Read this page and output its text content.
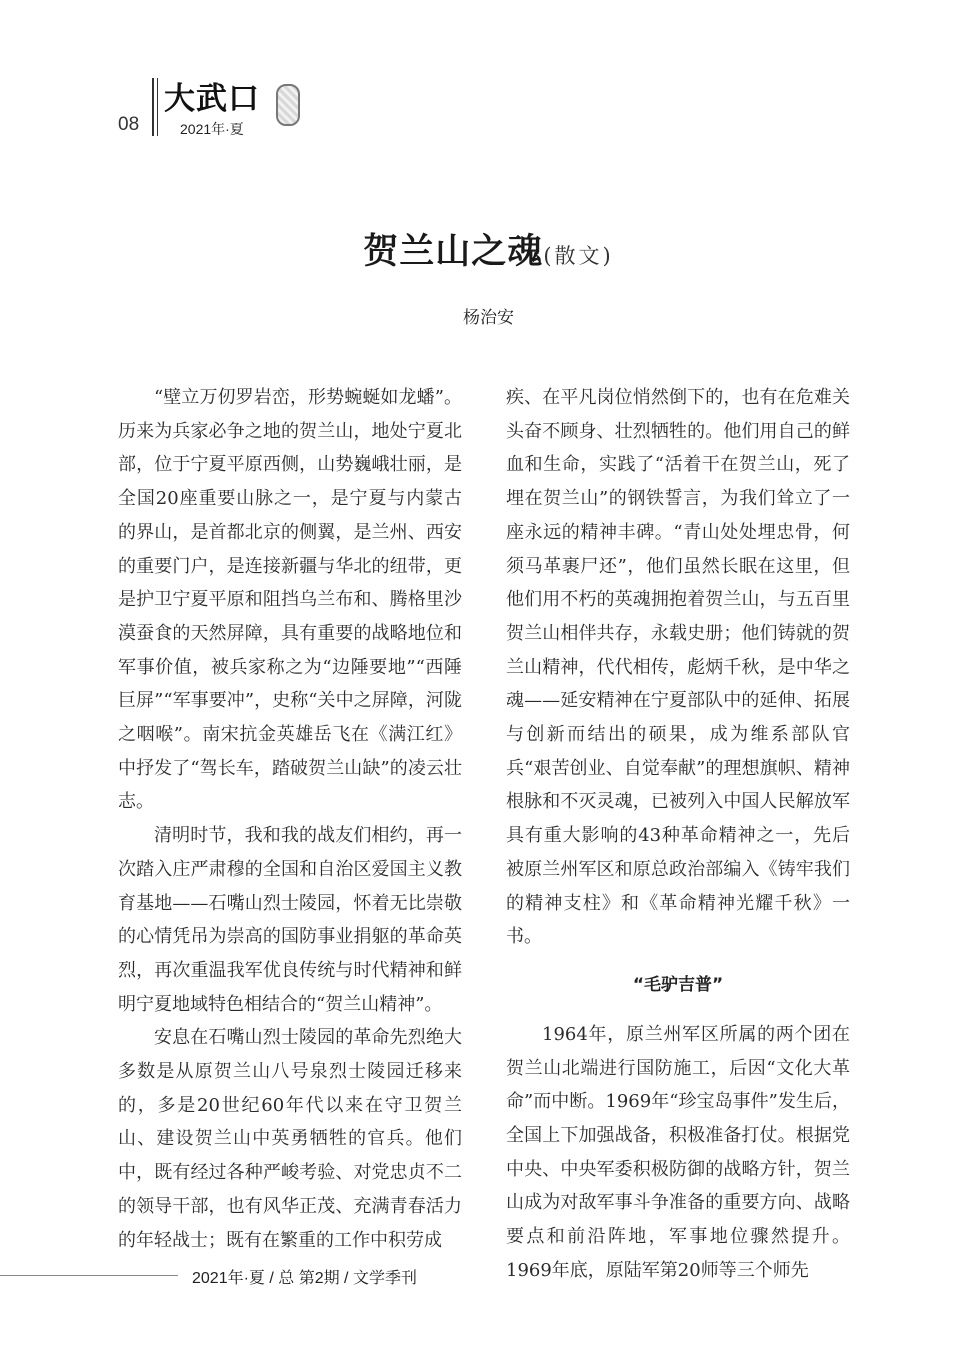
08
大武口
2021年·夏
贺兰山之魂(散文)
杨治安

“壁立万仞罗岩峦，形势蜿蜒如龙蟠”。历来为兵家必争之地的贺兰山，地处宁夏北部，位于宁夏平原西侧，山势巍峨壮丽，是全国20座重要山脉之一，是宁夏与内蒙古的界山，是首都北京的侧翼，是兰州、西安的重要门户，是连接新疆与华北的纽带，更是护卫宁夏平原和阻挡乌兰布和、腾格里沙漠蚕食的天然屏障，具有重要的战略地位和军事价值，被兵家称之为“边陲要地”“西陲巨屏”“军事要冲”，史称“关中之屏障，河陇之咽喉”。南宋抗金英雄岳飞在《满江红》中抒发了“驾长车，踏破贺兰山缺”的凌云壮志。

清明时节，我和我的战友们相约，再一次踏入庄严肃穆的全国和自治区爱国主义教育基地——石嘴山烈士陵园，怀着无比崇敬的心情凭吊为崇高的国防事业捐躯的革命英烈，再次重温我军优良传统与时代精神和鲜明宁夏地域特色相结合的“贺兰山精神”。

安息在石嘴山烈士陵园的革命先烈绝大多数是从原贺兰山八号泉烈士陵园迁移来的，多是20世纪60年代以来在守卫贺兰山、建设贺兰山中英勇牺牲的官兵。他们中，既有经过各种严峻考验、对党忠贞不二的领导干部，也有风华正茂、充满青春活力的年轻战士；既有在繁重的工作中积劳成

疾、在平凡岗位悄然倒下的，也有在危难关头奋不顾身、壮烈牺牲的。他们用自己的鲜血和生命，实践了“活着干在贺兰山，死了埋在贺兰山”的钢铁誓言，为我们耸立了一座永远的精神丰碑。“青山处处埋忠骨，何须马革裹尸还”，他们虽然长眠在这里，但他们用不朽的英魂拥抱着贺兰山，与五百里贺兰山相伴共存，永载史册；他们铸就的贺兰山精神，代代相传，彪炳千秋，是中华之魂——延安精神在宁夏部队中的延伸、拓展与创新而结出的硕果，成为维系部队官兵“艰苦创业、自觉奉献”的理想旗帜、精神根脉和不灭灵魂，已被列入中国人民解放军具有重大影响的43种革命精神之一，先后被原兰州军区和原总政治部编入《铸牢我们的精神支柱》和《革命精神光耀千秋》一书。

“毛驴吉普”

1964年，原兰州军区所属的两个团在贺兰山北端进行国防施工，后因“文化大革命”而中断。1969年“珍宝岛事件”发生后，全国上下加强战备，积极准备打仗。根据党中央、中央军委积极防御的战略方针，贺兰山成为对敌军事斗争准备的重要方向、战略要点和前沿阵地，军事地位骤然提升。1969年底，原陆军第20师等三个师先

2021年·夏 / 总 第2期 / 文学季刊
